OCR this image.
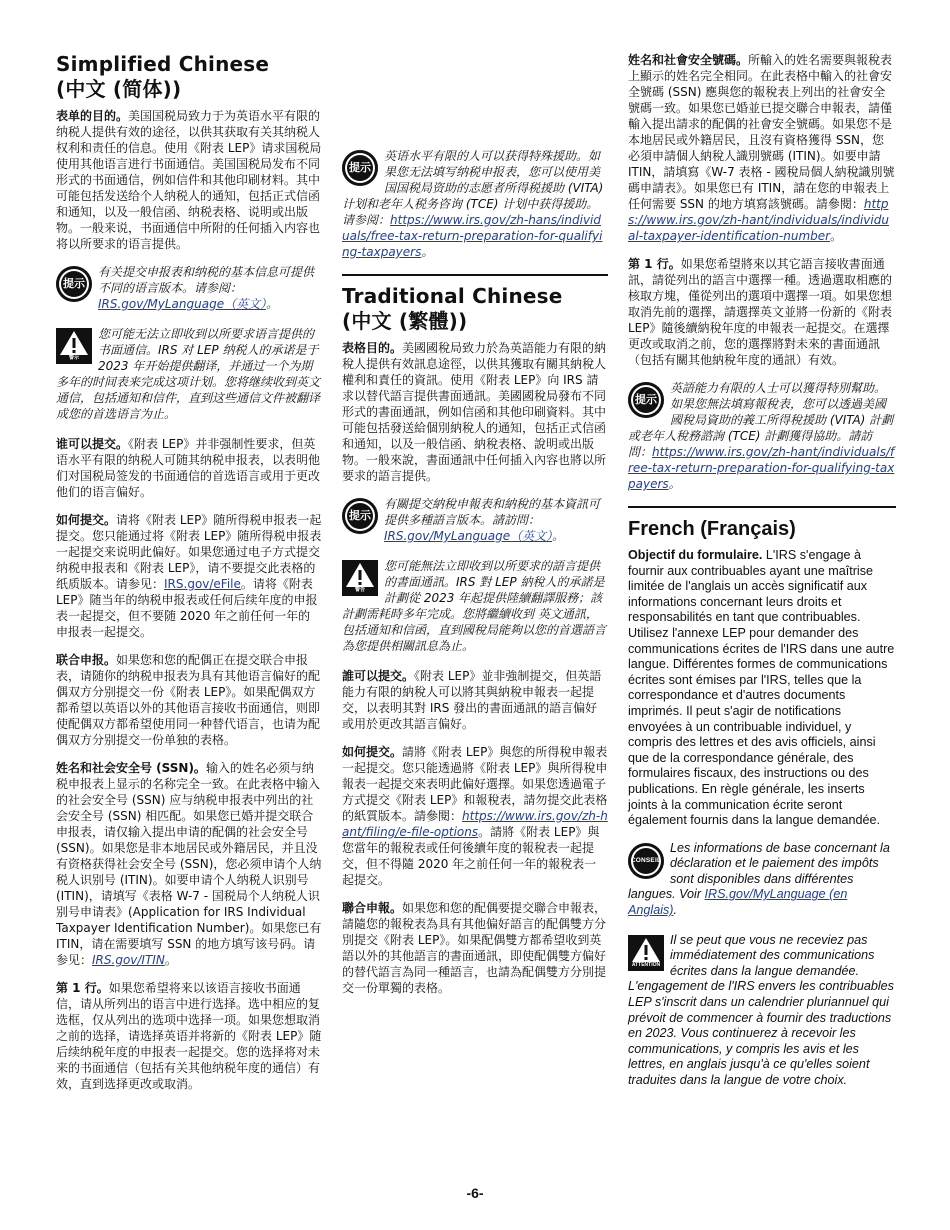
Simplified Chinese
(中文 (简体))

表单的目的。美国国税局致力于为英语水平有限的纳税人提供有效的途径，以供其获取有关其纳税人权利和责任的信息。使用《附表 LEP》请求国税局使用其他语言进行书面通信。美国国税局发布不同形式的书面通信，例如信件和其他印刷材料。其中可能包括发送给个人纳税人的通知，包括正式信函和通知，以及一般信函、纳税表格、说明或出版物。一般来说，书面通信中所附的任何插入内容也将以所要求的语言提供。

提示
有关提交申报表和纳税的基本信息可提供不同的语言版本。请参阅：IRS.gov/MyLanguage（英文）。
警示
您可能无法立即收到以所要求语言提供的书面通信。IRS 对 LEP 纳税人的承诺是于 2023 年开始提供翻译，并通过一个为期多年的时间表来完成这项计划。您将继续收到英文通信，包括通知和信件，直到这些通信文件被翻译成您的首选语言为止。

谁可以提交。《附表 LEP》并非强制性要求，但英语水平有限的纳税人可随其纳税申报表，以表明他们对国税局签发的书面通信的首选语言或用于更改他们的语言偏好。

如何提交。请将《附表 LEP》随所得税申报表一起提交。您只能通过将《附表 LEP》随所得税申报表一起提交来说明此偏好。如果您通过电子方式提交纳税申报表和《附表 LEP》，请不要提交此表格的纸质版本。请参见：IRS.gov/eFile。请将《附表 LEP》随当年的纳税申报表或任何后续年度的申报表一起提交，但不要随 2020 年之前任何一年的申报表一起提交。

联合申报。如果您和您的配偶正在提交联合申报表，请随你的纳税申报表为具有其他语言偏好的配偶双方分别提交一份《附表 LEP》。如果配偶双方都希望以英语以外的其他语言接收书面通信，则即使配偶双方都希望使用同一种替代语言，也请为配偶双方分别提交一份单独的表格。

姓名和社会安全号 (SSN)。输入的姓名必须与纳税申报表上显示的名称完全一致。在此表格中输入的社会安全号 (SSN) 应与纳税申报表中列出的社会安全号 (SSN) 相匹配。如果您已婚并提交联合申报表，请仅输入提出申请的配偶的社会安全号 (SSN)。如果您是非本地居民或外籍居民，并且没有资格获得社会安全号 (SSN)，您必须申请个人纳税人识别号 (ITIN)。如要申请个人纳税人识别号 (ITIN)，请填写《表格 W-7 - 国税局个人纳税人识别号申请表》(Application for IRS Individual Taxpayer Identification Number)。如果您已有 ITIN，请在需要填写 SSN 的地方填写该号码。请参见：IRS.gov/ITIN。

第 1 行。如果您希望将来以该语言接收书面通信，请从所列出的语言中进行选择。选中相应的复选框，仅从列出的选项中选择一项。如果您想取消之前的选择，请选择英语并将新的《附表 LEP》随后续纳税年度的申报表一起提交。您的选择将对未来的书面通信（包括有关其他纳税年度的通信）有效，直到选择更改或取消。

提示
英语水平有限的人可以获得特殊援助。如果您无法填写纳税申报表，您可以使用美国国税局资助的志愿者所得税援助 (VITA) 计划和老年人税务咨询 (TCE) 计划中获得援助。请参阅：https://www.irs.gov/zh-hans/individuals/free-tax-return-preparation-for-qualifying-taxpayers。
Traditional Chinese
(中文 (繁體))

表格目的。美國國稅局致力於為英語能力有限的納稅人提供有效訊息途徑，以供其獲取有關其納稅人權利和責任的資訊。使用《附表 LEP》向 IRS 請求以替代語言提供書面通訊。美國國稅局發布不同形式的書面通訊，例如信函和其他印刷資料。其中可能包括發送給個別納稅人的通知，包括正式信函和通知，以及一般信函、納稅表格、說明或出版物。一般來說，書面通訊中任何插入內容也將以所要求的語言提供。

提示
有關提交納稅申報表和納稅的基本資訊可提供多種語言版本。請訪問：IRS.gov/MyLanguage（英文）。
警告
您可能無法立即收到以所要求的語言提供的書面通訊。IRS 對 LEP 納稅人的承諾是計劃從 2023 年起提供陸續翻譯服務；該計劃需耗時多年完成。您將繼續收到 英文通訊，包括通知和信函，直到國稅局能夠以您的首選語言為您提供相關訊息為止。

誰可以提交。《附表 LEP》並非強制提交，但英語能力有限的納稅人可以將其與納稅申報表一起提交，以表明其對 IRS 發出的書面通訊的語言偏好或用於更改其語言偏好。

如何提交。請將《附表 LEP》與您的所得稅申報表一起提交。您只能透過將《附表 LEP》與所得稅申報表一起提交來表明此偏好選擇。如果您透過電子方式提交《附表 LEP》和報稅表，請勿提交此表格的紙質版本。請參閱：https://www.irs.gov/zh-hant/filing/e-file-options。請將《附表 LEP》與您當年的報稅表或任何後續年度的報稅表一起提交，但不得隨 2020 年之前任何一年的報稅表一起提交。

聯合申報。如果您和您的配偶要提交聯合申報表，請隨您的報稅表為具有其他偏好語言的配偶雙方分別提交《附表 LEP》。如果配偶雙方都希望收到英語以外的其他語言的書面通訊，即使配偶雙方偏好的替代語言為同一種語言，也請為配偶雙方分別提交一份單獨的表格。

姓名和社會安全號碼。所輸入的姓名需要與報稅表上顯示的姓名完全相同。在此表格中輸入的社會安全號碼 (SSN) 應與您的報稅表上列出的社會安全號碼一致。如果您已婚並已提交聯合申報表，請僅輸入提出請求的配偶的社會安全號碼。如果您不是本地居民或外籍居民，且沒有資格獲得 SSN，您必須申請個人納稅人識別號碼 (ITIN)。如要申請 ITIN，請填寫《W-7 表格 - 國稅局個人納稅識別號碼申請表》。如果您已有 ITIN，請在您的申報表上任何需要 SSN 的地方填寫該號碼。請參閱：https://www.irs.gov/zh-hant/individuals/individual-taxpayer-identification-number。

第 1 行。如果您希望將來以其它語言接收書面通訊，請從列出的語言中選擇一種。透過選取相應的核取方塊，僅從列出的選項中選擇一項。如果您想取消先前的選擇，請選擇英文並將一份新的《附表 LEP》隨後續納稅年度的申報表一起提交。在選擇更改或取消之前，您的選擇將對未來的書面通訊（包括有關其他納稅年度的通訊）有效。

提示
英語能力有限的人士可以獲得特別幫助。如果您無法填寫報稅表，您可以透過美國國稅局資助的義工所得稅援助 (VITA) 計劃或老年人稅務諮詢 (TCE) 計劃獲得協助。請訪問：https://www.irs.gov/zh-hant/individuals/free-tax-return-preparation-for-qualifying-taxpayers。
French (Français)

Objectif du formulaire. L'IRS s'engage à fournir aux contribuables ayant une maîtrise limitée de l'anglais un accès significatif aux informations concernant leurs droits et responsabilités en tant que contribuables. Utilisez l'annexe LEP pour demander des communications écrites de l'IRS dans une autre langue. Différentes formes de communications écrites sont émises par l'IRS, telles que la correspondance et d'autres documents imprimés. Il peut s'agir de notifications envoyées à un contribuable individuel, y compris des lettres et des avis officiels, ainsi que de la correspondance générale, des formulaires fiscaux, des instructions ou des publications. En règle générale, les inserts joints à la communication écrite seront également fournis dans la langue demandée.

CONSEIL
Les informations de base concernant la déclaration et le paiement des impôts sont disponibles dans différentes langues. Voir IRS.gov/MyLanguage (en Anglais).
ATTENTION
Il se peut que vous ne receviez pas immédiatement des communications écrites dans la langue demandée. L'engagement de l'IRS envers les contribuables LEP s'inscrit dans un calendrier pluriannuel qui prévoit de commencer à fournir des traductions en 2023. Vous continuerez à recevoir les communications, y compris les avis et les lettres, en anglais jusqu'à ce qu'elles soient traduites dans la langue de votre choix.
-6-
